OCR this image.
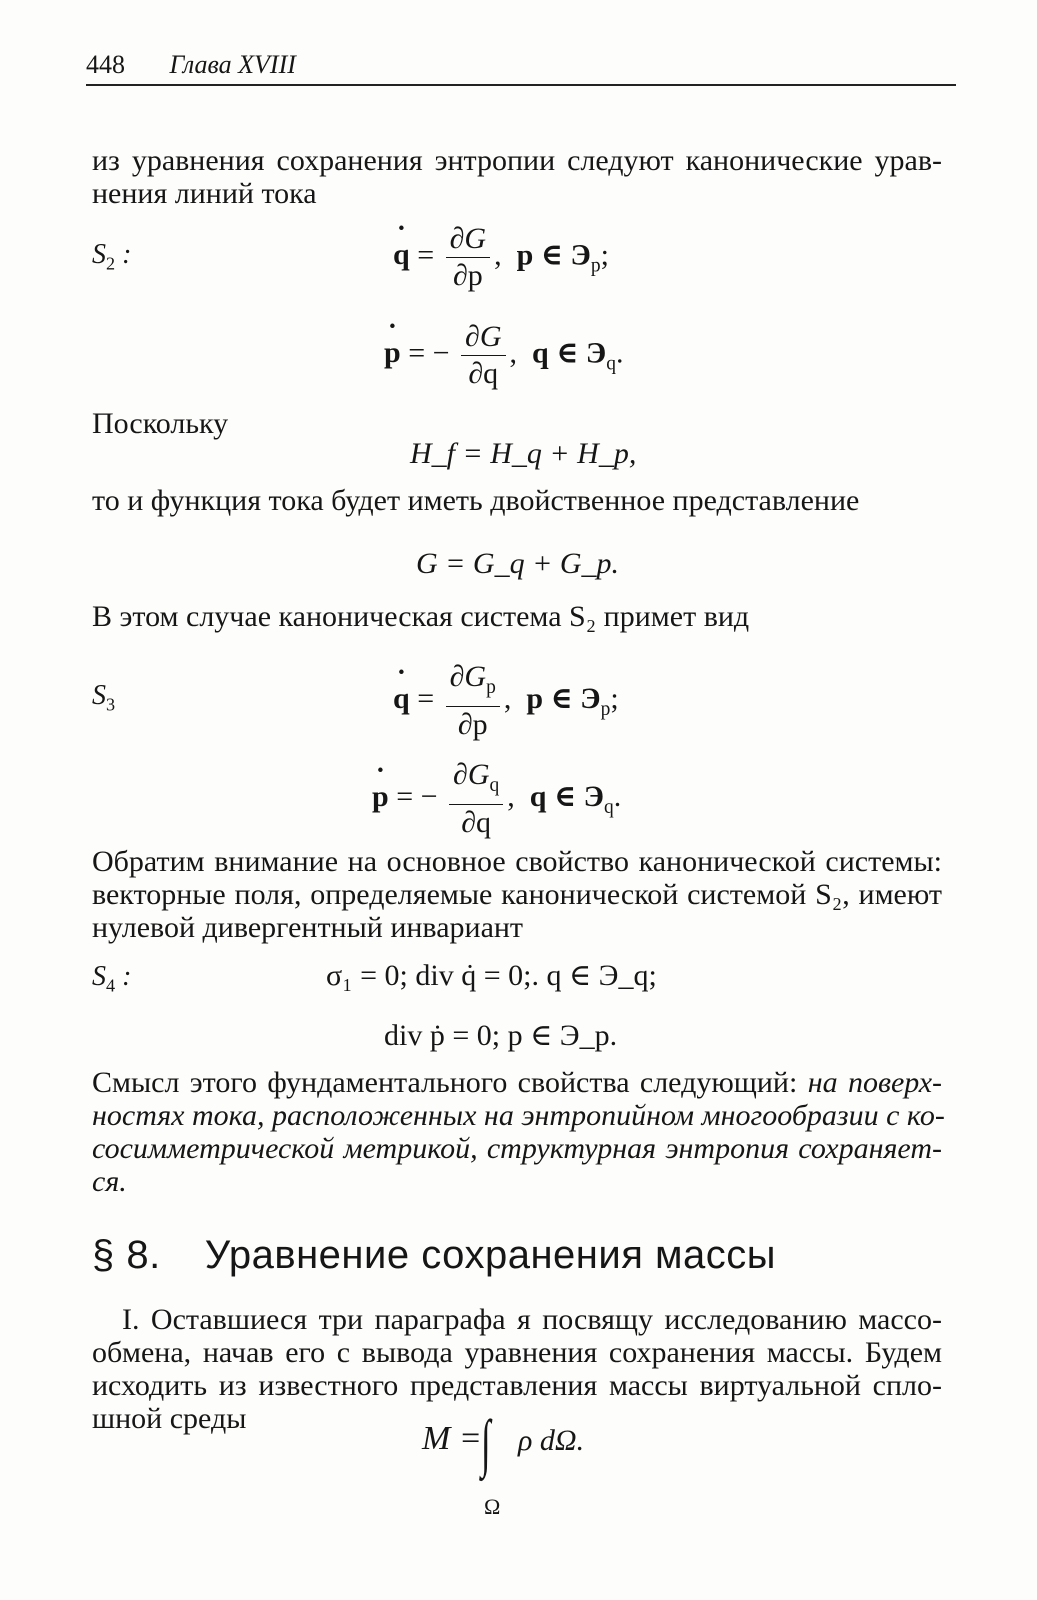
448 Глава XVIII
из уравнения сохранения энтропии следуют канонические урав-
нения линий тока
$S_2$ :	q ˙ = $\frac{\partial G}{\partial p}$ ,  p ∈ $Э_p$;
p ˙ = − $\frac{\partial G}{\partial q}$ ,  q ∈ $Э_q$.
Поскольку
H_f = H_q + H_p,
то и функция тока будет иметь двойственное представление
G = G_q + G_p.
В этом случае каноническая система S₂ примет вид
$S_3$	q ˙ = $\frac{\partial G_p}{\partial p}$ ,  p ∈ $Э_p$;
p ˙ = − $\frac{\partial G_q}{\partial q}$ ,  q ∈ $Э_q$.
Обратим внимание на основное свойство канонической системы:
векторные поля, определяемые канонической системой S₂, имеют
нулевой дивергентный инвариант
$S_4$ :	σ₁ = 0; div q̇ = 0;. q ∈ Э_q;
div ṗ = 0; p ∈ Э_p.
Смысл этого фундаментального свойства следующий: на поверх-
ностях тока, расположенных на энтропийном многообразии с ко-
сосимметрической метрикой, структурная энтропия сохраняет-
ся.
§ 8. Уравнение сохранения массы
I. Оставшиеся три параграфа я посвящу исследованию массо-
обмена, начав его с вывода уравнения сохранения массы. Будем
исходить из известного представления массы виртуальной спло-
шной среды
M = ∫ ρ dΩ.
Ω
